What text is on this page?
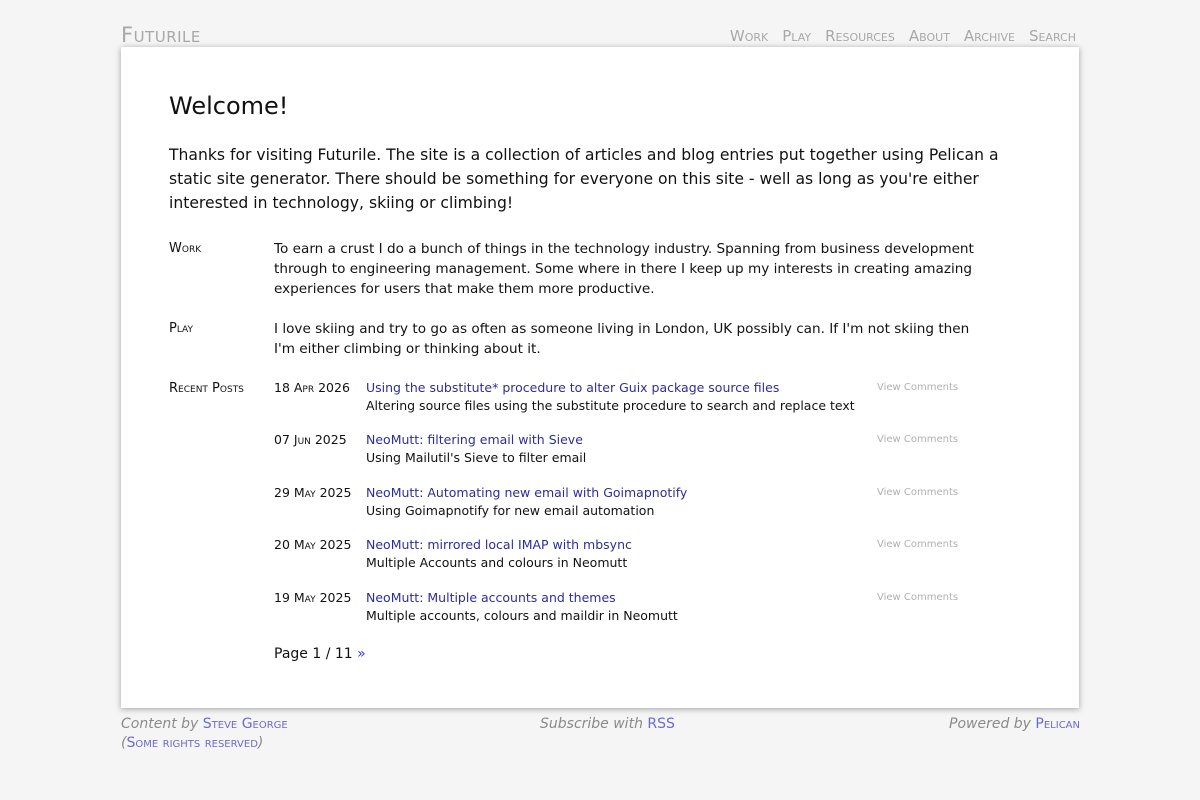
Futurile	Work Play Resources About Archive Search
Welcome!

Thanks for visiting Futurile. The site is a collection of articles and blog entries put together using Pelican a static site generator. There should be something for everyone on this site - well as long as you're either interested in technology, skiing or climbing!

Work	To earn a crust I do a bunch of things in the technology industry. Spanning from business development through to engineering management. Some where in there I keep up my interests in creating amazing experiences for users that make them more productive.

Play	I love skiing and try to go as often as someone living in London, UK possibly can. If I'm not skiing then I'm either climbing or thinking about it.

Recent Posts 18 Apr 2026 Using the substitute* procedure to alter Guix package source files
Altering source files using the substitute procedure to search and replace text
View Comments
07 Jun 2025 NeoMutt: filtering email with Sieve
Using Mailutil's Sieve to filter email
View Comments
29 May 2025 NeoMutt: Automating new email with Goimapnotify
Using Goimapnotify for new email automation
View Comments
20 May 2025 NeoMutt: mirrored local IMAP with mbsync
Multiple Accounts and colours in Neomutt
View Comments
19 May 2025 NeoMutt: Multiple accounts and themes
Multiple accounts, colours and maildir in Neomutt
View Comments
Page 1 / 11 »
Content by Steve George
(Some rights reserved)
Subscribe with RSS	Powered by Pelican
